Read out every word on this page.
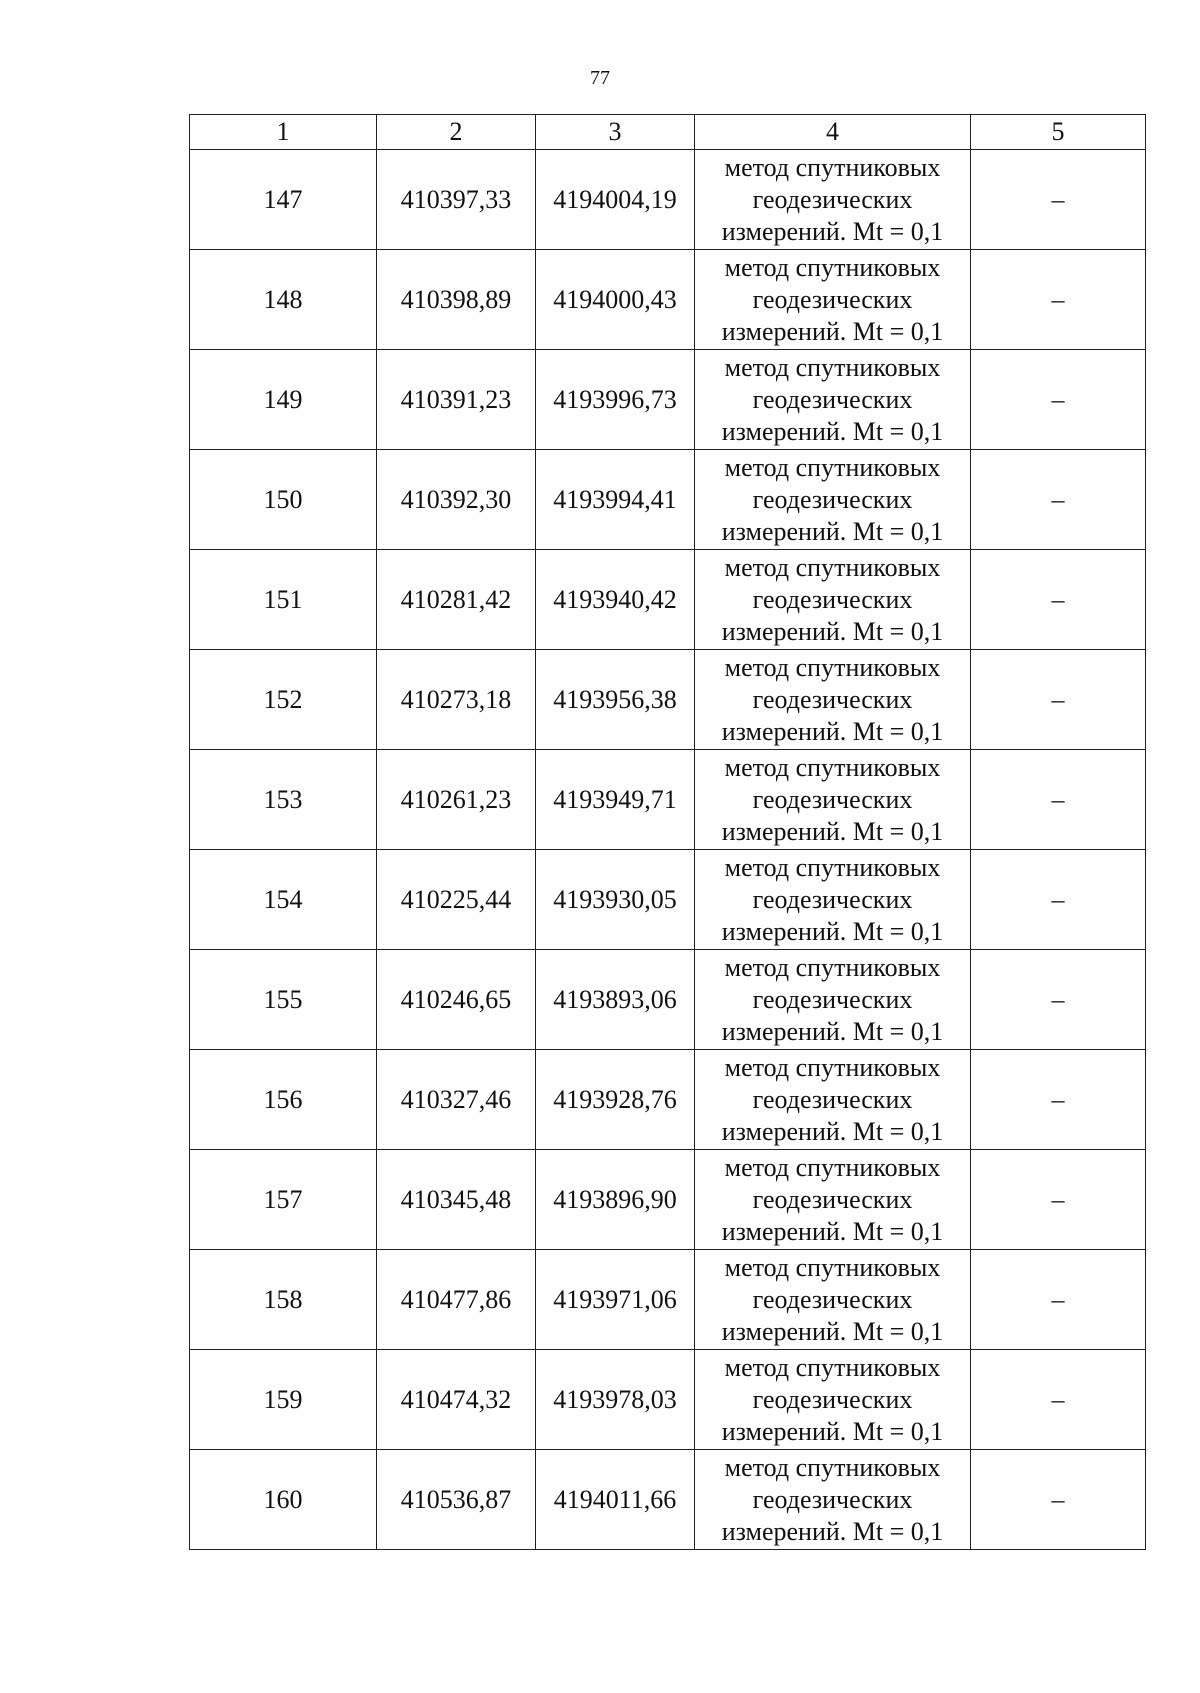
77
1	2	3	4	5
147	410397,33	4194004,19	метод спутниковых
геодезических
измерений. Mt = 0,1	–
148	410398,89	4194000,43	метод спутниковых
геодезических
измерений. Mt = 0,1	–
149	410391,23	4193996,73	метод спутниковых
геодезических
измерений. Mt = 0,1	–
150	410392,30	4193994,41	метод спутниковых
геодезических
измерений. Mt = 0,1	–
151	410281,42	4193940,42	метод спутниковых
геодезических
измерений. Mt = 0,1	–
152	410273,18	4193956,38	метод спутниковых
геодезических
измерений. Mt = 0,1	–
153	410261,23	4193949,71	метод спутниковых
геодезических
измерений. Mt = 0,1	–
154	410225,44	4193930,05	метод спутниковых
геодезических
измерений. Mt = 0,1	–
155	410246,65	4193893,06	метод спутниковых
геодезических
измерений. Mt = 0,1	–
156	410327,46	4193928,76	метод спутниковых
геодезических
измерений. Mt = 0,1	–
157	410345,48	4193896,90	метод спутниковых
геодезических
измерений. Mt = 0,1	–
158	410477,86	4193971,06	метод спутниковых
геодезических
измерений. Mt = 0,1	–
159	410474,32	4193978,03	метод спутниковых
геодезических
измерений. Mt = 0,1	–
160	410536,87	4194011,66	метод спутниковых
геодезических
измерений. Mt = 0,1	–
